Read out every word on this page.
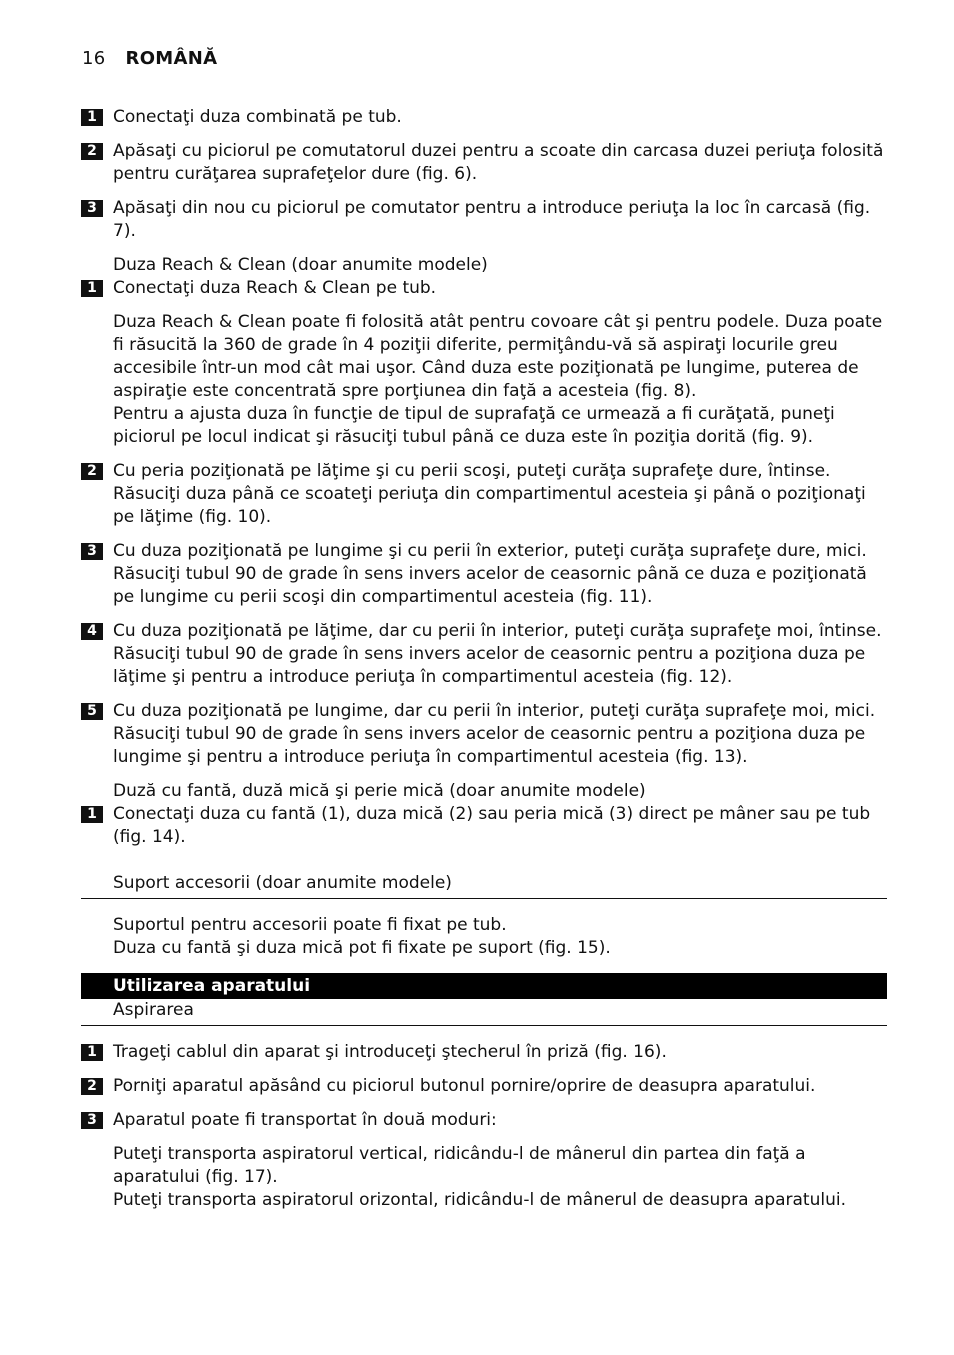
16 ROMÂNĂ
1 Conectaţi duza combinată pe tub.
2 Apăsaţi cu piciorul pe comutatorul duzei pentru a scoate din carcasa duzei periuţa folosită pentru curăţarea suprafeţelor dure (fig. 6).
3 Apăsaţi din nou cu piciorul pe comutator pentru a introduce periuţa la loc în carcasă (fig. 7).
Duza Reach & Clean (doar anumite modele)
1 Conectaţi duza Reach & Clean pe tub.
Duza Reach & Clean poate fi folosită atât pentru covoare cât şi pentru podele. Duza poate fi răsucită la 360 de grade în 4 poziţii diferite, permiţându-vă să aspiraţi locurile greu accesibile într-un mod cât mai uşor. Când duza este poziţionată pe lungime, puterea de aspiraţie este concentrată spre porţiunea din faţă a acesteia (fig. 8).
Pentru a ajusta duza în funcţie de tipul de suprafaţă ce urmează a fi curăţată, puneţi piciorul pe locul indicat şi răsuciţi tubul până ce duza este în poziţia dorită (fig. 9).
2 Cu peria poziţionată pe lăţime şi cu perii scoşi, puteţi curăţa suprafeţe dure, întinse. Răsuciţi duza până ce scoateţi periuţa din compartimentul acesteia şi până o poziţionaţi pe lăţime (fig. 10).
3 Cu duza poziţionată pe lungime şi cu perii în exterior, puteţi curăţa suprafeţe dure, mici. Răsuciţi tubul 90 de grade în sens invers acelor de ceasornic până ce duza e poziţionată pe lungime cu perii scoşi din compartimentul acesteia (fig. 11).
4 Cu duza poziţionată pe lăţime, dar cu perii în interior, puteţi curăţa suprafeţe moi, întinse. Răsuciţi tubul 90 de grade în sens invers acelor de ceasornic pentru a poziţiona duza pe lăţime şi pentru a introduce periuţa în compartimentul acesteia (fig. 12).
5 Cu duza poziţionată pe lungime, dar cu perii în interior, puteţi curăţa suprafeţe moi, mici. Răsuciţi tubul 90 de grade în sens invers acelor de ceasornic pentru a poziţiona duza pe lungime şi pentru a introduce periuţa în compartimentul acesteia (fig. 13).
Duză cu fantă, duză mică şi perie mică (doar anumite modele)
1 Conectaţi duza cu fantă (1), duza mică (2) sau peria mică (3) direct pe mâner sau pe tub (fig. 14).
Suport accesorii (doar anumite modele)
Suportul pentru accesorii poate fi fixat pe tub.
Duza cu fantă şi duza mică pot fi fixate pe suport (fig. 15).
Utilizarea aparatului
Aspirarea
1 Trageţi cablul din aparat şi introduceţi ştecherul în priză (fig. 16).
2 Porniţi aparatul apăsând cu piciorul butonul pornire/oprire de deasupra aparatului.
3 Aparatul poate fi transportat în două moduri:
Puteţi transporta aspiratorul vertical, ridicându-l de mânerul din partea din faţă a aparatului (fig. 17).
Puteţi transporta aspiratorul orizontal, ridicându-l de mânerul de deasupra aparatului.
